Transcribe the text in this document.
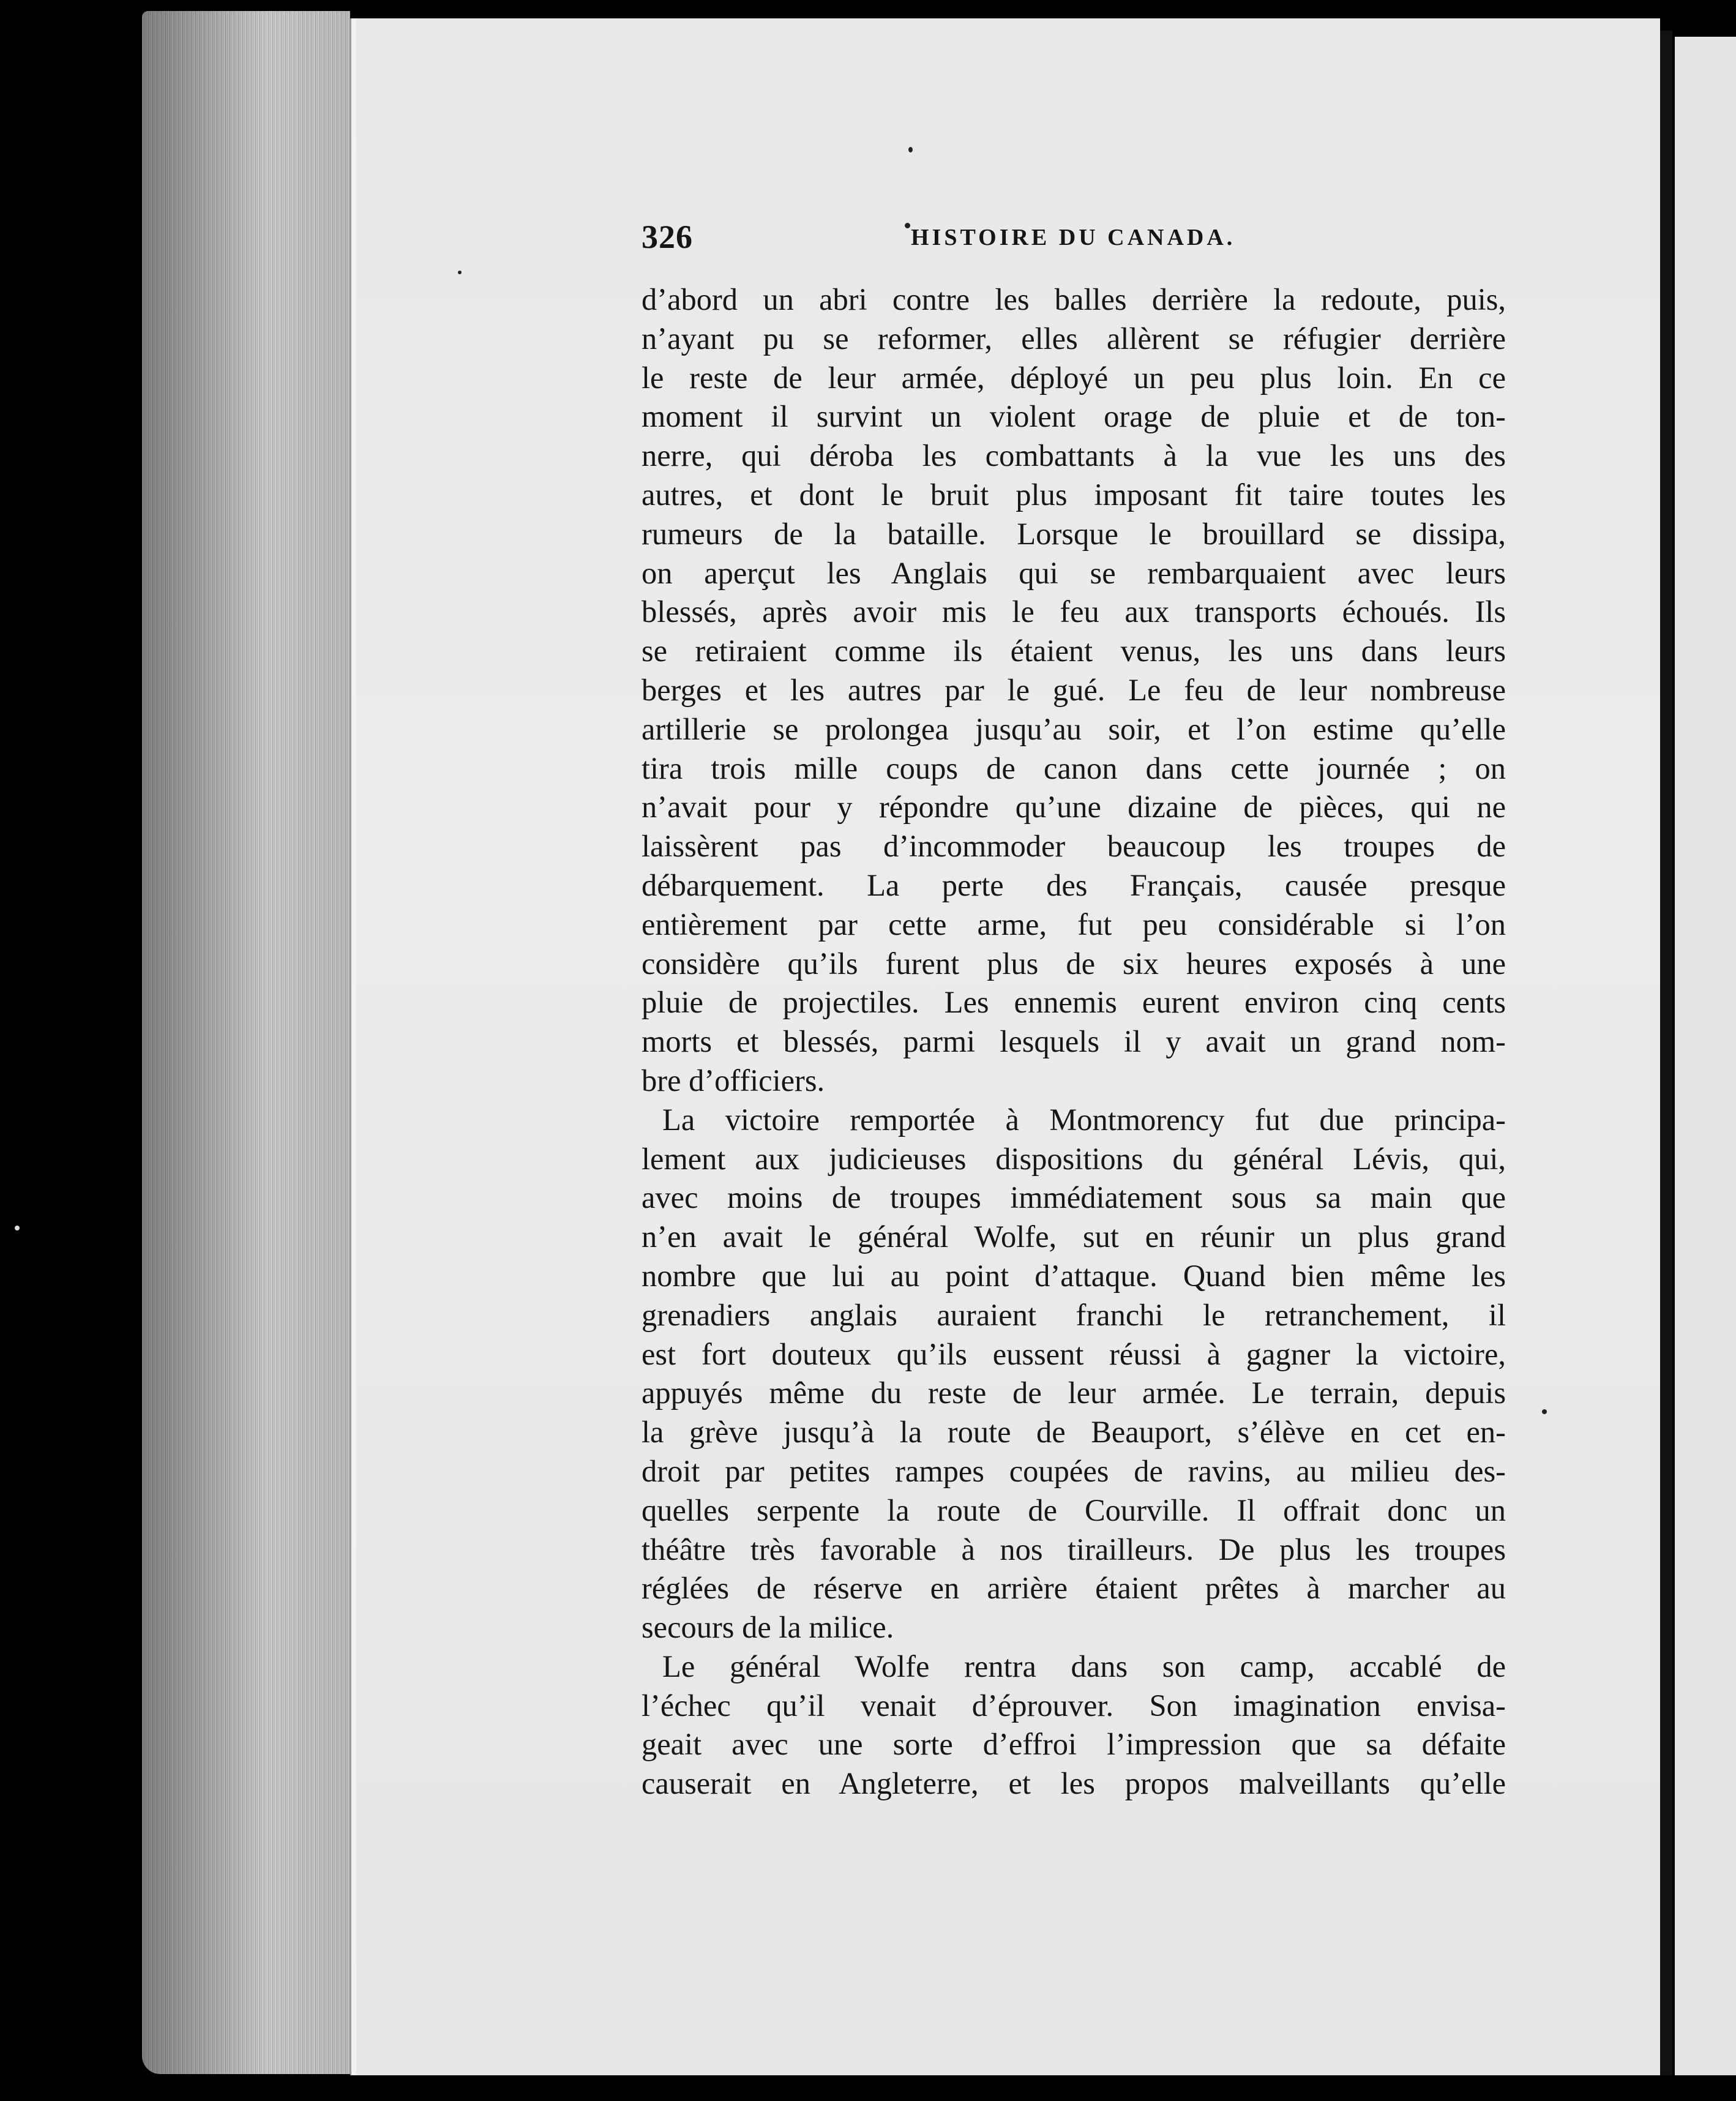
326	HISTOIRE DU CANADA.
d’abord un abri contre les balles derrière la redoute, puis,
n’ayant pu se reformer, elles allèrent se réfugier derrière
le reste de leur armée, déployé un peu plus loin. En ce
moment il survint un violent orage de pluie et de ton-
nerre, qui déroba les combattants à la vue les uns des
autres, et dont le bruit plus imposant fit taire toutes les
rumeurs de la bataille. Lorsque le brouillard se dissipa,
on aperçut les Anglais qui se rembarquaient avec leurs
blessés, après avoir mis le feu aux transports échoués. Ils
se retiraient comme ils étaient venus, les uns dans leurs
berges et les autres par le gué. Le feu de leur nombreuse
artillerie se prolongea jusqu’au soir, et l’on estime qu’elle
tira trois mille coups de canon dans cette journée ; on
n’avait pour y répondre qu’une dizaine de pièces, qui ne
laissèrent pas d’incommoder beaucoup les troupes de
débarquement. La perte des Français, causée presque
entièrement par cette arme, fut peu considérable si l’on
considère qu’ils furent plus de six heures exposés à une
pluie de projectiles. Les ennemis eurent environ cinq cents
morts et blessés, parmi lesquels il y avait un grand nom-
bre d’officiers.
La victoire remportée à Montmorency fut due principa-
lement aux judicieuses dispositions du général Lévis, qui,
avec moins de troupes immédiatement sous sa main que
n’en avait le général Wolfe, sut en réunir un plus grand
nombre que lui au point d’attaque. Quand bien même les
grenadiers anglais auraient franchi le retranchement, il
est fort douteux qu’ils eussent réussi à gagner la victoire,
appuyés même du reste de leur armée. Le terrain, depuis
la grève jusqu’à la route de Beauport, s’élève en cet en-
droit par petites rampes coupées de ravins, au milieu des-
quelles serpente la route de Courville. Il offrait donc un
théâtre très favorable à nos tirailleurs. De plus les troupes
réglées de réserve en arrière étaient prêtes à marcher au
secours de la milice.
Le général Wolfe rentra dans son camp, accablé de
l’échec qu’il venait d’éprouver. Son imagination envisa-
geait avec une sorte d’effroi l’impression que sa défaite
causerait en Angleterre, et les propos malveillants qu’elle
